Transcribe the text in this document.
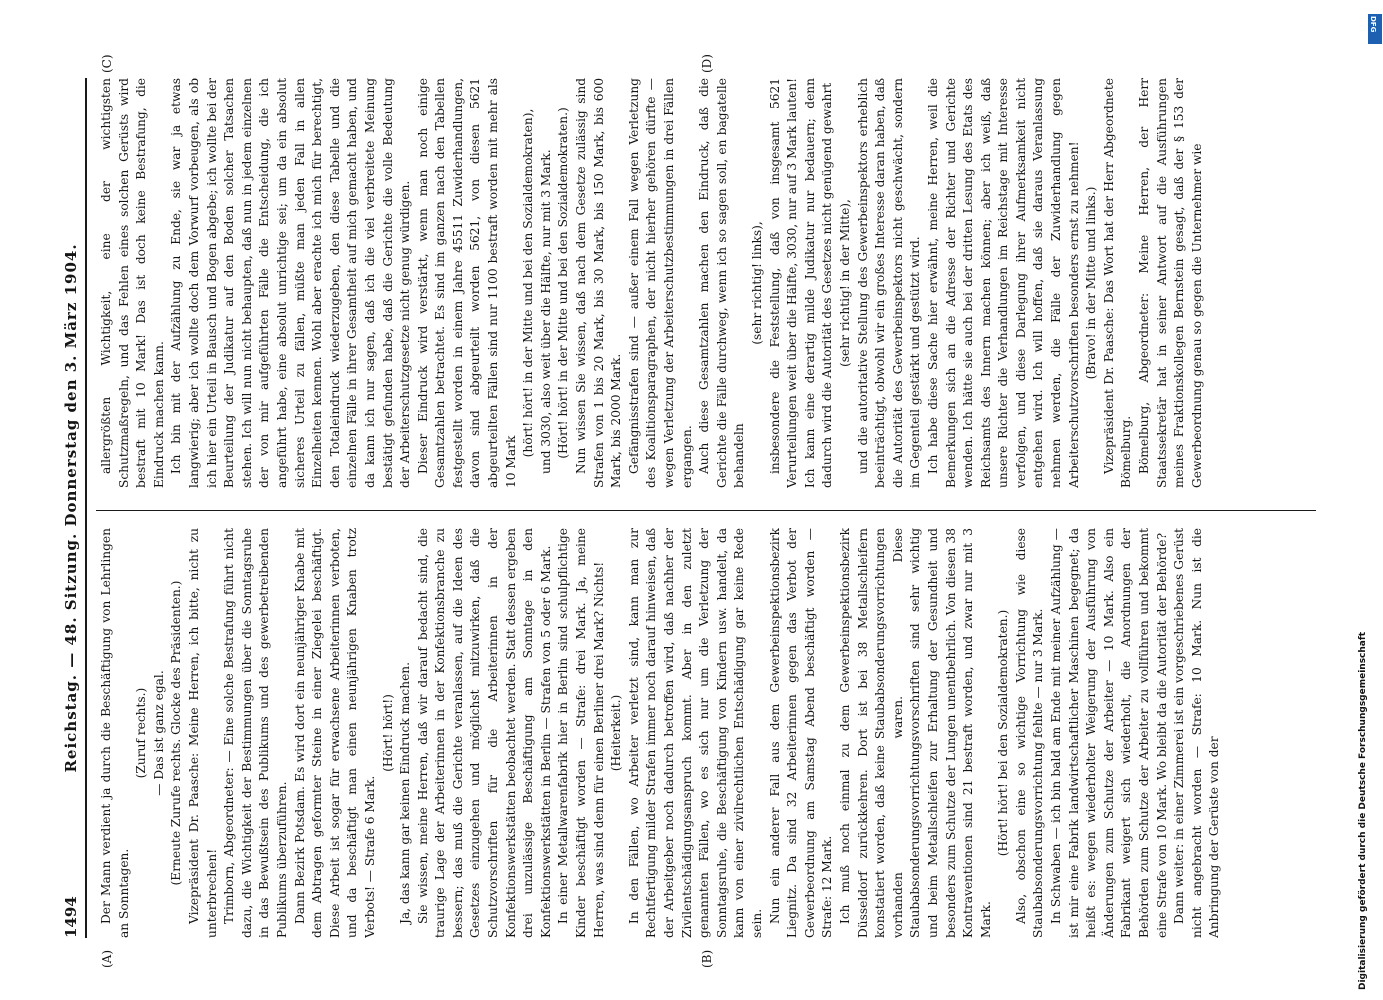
1494
Reichstag. — 48. Sitzung. Donnerstag den 3. März 1904. Der Mann verdient ja durch die Beschäftigung von Lehrlingen an Sonntagen.

(Zuruf rechts.) — Das ist ganz egal. (Erneute Zurufe rechts. Glocke des Präsidenten.) Vizepräsident Dr. Paasche: Meine Herren, ich bitte, nicht zu unterbrechen! Trimborn, Abgeordneter: — Eine solche Bestrafung führt nicht dazu, die Wichtigkeit der Bestimmungen über die Sonntagsruhe in das Bewußtsein des Publikums und des gewerbetreibenden Publikums überzuführen. Dann Bezirk Potsdam. Es wird dort ein neunjähriger Knabe mit dem Abtragen geformter Steine in einer Ziegelei beschäftigt. Diese Arbeit ist sogar für erwachsene Arbeiterinnen verboten, und da beschäftigt man einen neunjährigen Knaben trotz Verbots! — Strafe 6 Mark.

(Hört! hört!) Ja, das kann gar keinen Eindruck machen. Sie wissen, meine Herren, daß wir darauf bedacht sind, die traurige Lage der Arbeiterinnen in der Konfektionsbranche zu bessern; das muß die Gerichte veranlassen, auf die Ideen des Gesetzes einzugehen und möglichst mitzuwirken, daß die Schutzvorschriften für die Arbeiterinnen in der Konfektionswerkstätten beobachtet werden. Statt dessen ergeben drei unzulässige Beschäftigung am Sonntage in den Konfektionswerkstätten in Berlin — Strafen von 5 oder 6 Mark. In einer Metallwarenfabrik hier in Berlin sind schulpflichtige Kinder beschäftigt worden — Strafe: drei Mark. Ja, meine Herren, was sind denn für einen Berliner drei Mark? Nichts! (Heiterkeit.) In den Fällen, wo Arbeiter verletzt sind, kann man zur Rechtfertigung milder Strafen immer noch darauf hinweisen, daß der Arbeitgeber noch dadurch betroffen wird, daß nachher der Zivilentschädigungsanspruch kommt. Aber in den zuletzt genannten Fällen, wo es sich nur um die Verletzung der Sonntagsruhe, die Beschäftigung von Kindern usw. handelt, da kann von einer zivilrechtlichen Entschädigung gar keine Rede sein. Nun ein anderer Fall aus dem Gewerbeinspektionsbezirk Liegnitz. Da sind 32 Arbeiterinnen gegen das Verbot der Gewerbeordnung am Samstag Abend beschäftigt worden — Strafe: 12 Mark. Ich muß noch einmal zu dem Gewerbeinspektionsbezirk Düsseldorf zurückkehren. Dort ist bei 38 Metallschleifern konstatiert worden, daß keine Staubabsonderungsvorrichtungen vorhanden waren. Diese Staubabsonderungsvorrichtungsvorschriften sind sehr wichtig und beim Metallschleifen zur Erhaltung der Gesundheit und besonders zum Schutze der Lungen unentbehrlich. Von diesen 38 Kontraventionen sind 21 bestraft worden, und zwar nur mit 3 Mark.

(Hört! hört! bei den Sozialdemokraten.) Also, obschon eine so wichtige Vorrichtung wie diese Staubabsonderungsvorrichtung fehlte — nur 3 Mark. In Schwaben — ich bin bald am Ende mit meiner Aufzählung — ist mir eine Fabrik landwirtschaftlicher Maschinen begegnet; da heißt es: wegen wiederholter Weigerung der Ausführung von Änderungen zum Schutze der Arbeiter — 10 Mark. Also ein Fabrikant weigert sich wiederholt, die Anordnungen der Behörden zum Schutze der Arbeiter zu vollführen und bekommt eine Strafe von 10 Mark. Wo bleibt da die Autorität der Behörde? Dann weiter: in einer Zimmerei ist ein vorgeschriebenes Gerüst nicht angebracht worden — Strafe: 10 Mark. Nun ist die Anbringung der Gerüste von der

allergrößten Wichtigkeit, eine der wichtigsten Schutzmaßregeln, und das Fehlen eines solchen Gerüsts wird bestraft mit 10 Mark! Das ist doch keine Bestrafung, die Eindruck machen kann. Ich bin mit der Aufzählung zu Ende, sie war ja etwas langwierig; aber ich wollte doch dem Vorwurf vorbeugen, als ob ich hier ein Urteil in Bausch und Bogen abgebe; ich wollte bei der Beurteilung der Judikatur auf den Boden solcher Tatsachen stehen. Ich will nun nicht behaupten, daß nun in jedem einzelnen der von mir aufgeführten Fälle die Entscheidung, die ich angeführt habe, eine absolut unrichtige sei; um da ein absolut sicheres Urteil zu fällen, müßte man jeden Fall in allen Einzelheiten kennen. Wohl aber erachte ich mich für berechtigt, den Totaleindruck wiederzugeben, den diese Tabelle und die einzelnen Fälle in ihrer Gesamtheit auf mich gemacht haben, und da kann ich nur sagen, daß ich die viel verbreitete Meinung bestätigt gefunden habe, daß die Gerichte die volle Bedeutung der Arbeiterschutzgesetze nicht genug würdigen. Dieser Eindruck wird verstärkt, wenn man noch einige Gesamtzahlen betrachtet. Es sind im ganzen nach den Tabellen festgestellt worden in einem Jahre 45511 Zuwiderhandlungen, davon sind abgeurteilt worden 5621, von diesen 5621 abgeurteilten Fällen sind nur 1100 bestraft worden mit mehr als 10 Mark

(hört! hört! in der Mitte und bei den Sozialdemokraten), und 3030, also weit über die Hälfte, nur mit 3 Mark. (Hört! hört! in der Mitte und bei den Sozialdemokraten.) Nun wissen Sie wissen, daß nach dem Gesetze zulässig sind Strafen von 1 bis 20 Mark, bis 30 Mark, bis 150 Mark, bis 600 Mark, bis 2000 Mark. Gefängnisstrafen sind — außer einem Fall wegen Verletzung des Koalitionsparagraphen, der nicht hierher gehören dürfte — wegen Verletzung der Arbeiterschutzbestimmungen in drei Fällen ergangen. Auch diese Gesamtzahlen machen den Eindruck, daß die Gerichte die Fälle durchweg, wenn ich so sagen soll, en bagatelle behandeln

(sehr richtig! links), insbesondere die Feststellung, daß von insgesamt 5621 Verurteilungen weit über die Hälfte, 3030, nur auf 3 Mark lauten! Ich kann eine derartig milde Judikatur nur bedauern; denn dadurch wird die Autorität des Gesetzes nicht genügend gewahrt (sehr richtig! in der Mitte), und die autoritative Stellung des Gewerbeinspektors erheblich beeinträchtigt, obwohl wir ein großes Interesse daran haben, daß die Autorität des Gewerbeinspektors nicht geschwächt, sondern im Gegenteil gestärkt und gestützt wird. Ich habe diese Sache hier erwähnt, meine Herren, weil die Bemerkungen sich an die Adresse der Richter und Gerichte wenden. Ich hätte sie auch bei der dritten Lesung des Etats des Reichsamts des Innern machen können; aber ich weiß, daß unsere Richter die Verhandlungen im Reichstage mit Interesse verfolgen, und diese Darlegung ihrer Aufmerksamkeit nicht entgehen wird. Ich will hoffen, daß sie daraus Veranlassung nehmen werden, die Fälle der Zuwiderhandlung gegen Arbeiterschutzvorschriften besonders ernst zu nehmen! (Bravo! in der Mitte und links.) Vizepräsident Dr. Paasche: Das Wort hat der Herr Abgeordnete Bömelburg. Bömelburg, Abgeordneter: Meine Herren, der Herr Staatssekretär hat in seiner Antwort auf die Ausführungen meines Fraktionskollegen Bernstein gesagt, daß der § 153 der Gewerbeordnung genau so gegen die Unternehmer wie

(A)	(B)
(C)	(D)
Digitalisierung gefördert durch die Deutsche Forschungsgemeinschaft
DFG
